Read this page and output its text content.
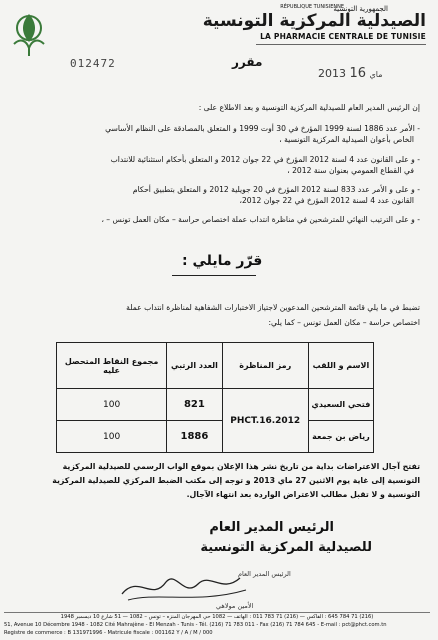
الجمهورية التونسية
RÉPUBLIQUE TUNISIENNE
الصيدلية المركزية التونسية
LA PHARMACIE CENTRALE DE TUNISIE
012472	مقرر
2013	ماي 16
إن الرئيس المدير العام للصيدلية المركزية التونسية و بعد الاطلاع على :
- الأمر عدد 1886 لسنة 1999 المؤرخ في 30 أوت 1999 و المتعلق بالمصادقة على النظام الأساسي
الخاص بأعوان الصيدلية المركزية التونسية ،
- و على القانون عدد 4 لسنة 2012 المؤرخ في 22 جوان 2012 و المتعلق بأحكام استثنائية للانتداب
في القطاع العمومي بعنوان سنة 2012 ،
- و على و الأمر عدد 833 لسنة 2012 المؤرخ في 20 جويلية 2012 و المتعلق بتطبيق أحكام
القانون عدد 4 لسنة 2012 المؤرخ في 22 جوان 2012،
- و على الترتيب النهائي للمترشحين في مناظرة انتداب عملة اختصاص حراسة – مكان العمل تونس – ،
قرّر مايلي :
تضبط في ما يلي قائمة المترشحين المدعوين لاجتياز الاختبارات الشفاهية لمناظرة انتداب عملة
اختصاص حراسة – مكان العمل تونس – كما يلي:
الاسم و اللقب	رمز المناظرة	العدد الرتبي	مجموع النقاط المتحصل عليه
فتحي السعيدي	PHCT.16.2012	821	100
رياض بن جمعة		1886	100
تفتح آجال الاعتراضات بداية من تاريخ نشر هذا الإعلان بموقع الواب الرسمي للصيدلية المركزية
التونسية إلى غاية يوم الاثنين 27 ماي 2013 و توجه إلى مكتب الضبط المركزي للصيدلية المركزية
التونسية و لا تقبل مطالب الاعتراض الواردة بعد انتهاء الآجال.
الرئيس المدير العام
للصيدلية المركزية التونسية
الرئيس المدير العام
الأمين مولاهي
(216) 71 784 645 : الفاكس — (216) 71 783 011 : الهاتف — 1082 حي المهرجان المنزه – تونس – 1082 — 51 شارع 10 ديسمبر 1948
51, Avenue 10 Décembre 1948 - 1082 Cité Mahrajène - El Menzah - Tunis - Tél. (216) 71 783 011 - Fax (216) 71 784 645 - E-mail : pct@phct.com.tn
Registre de commerce : B 131971996 - Matricule fiscale : 001162 Y / A / M / 000
